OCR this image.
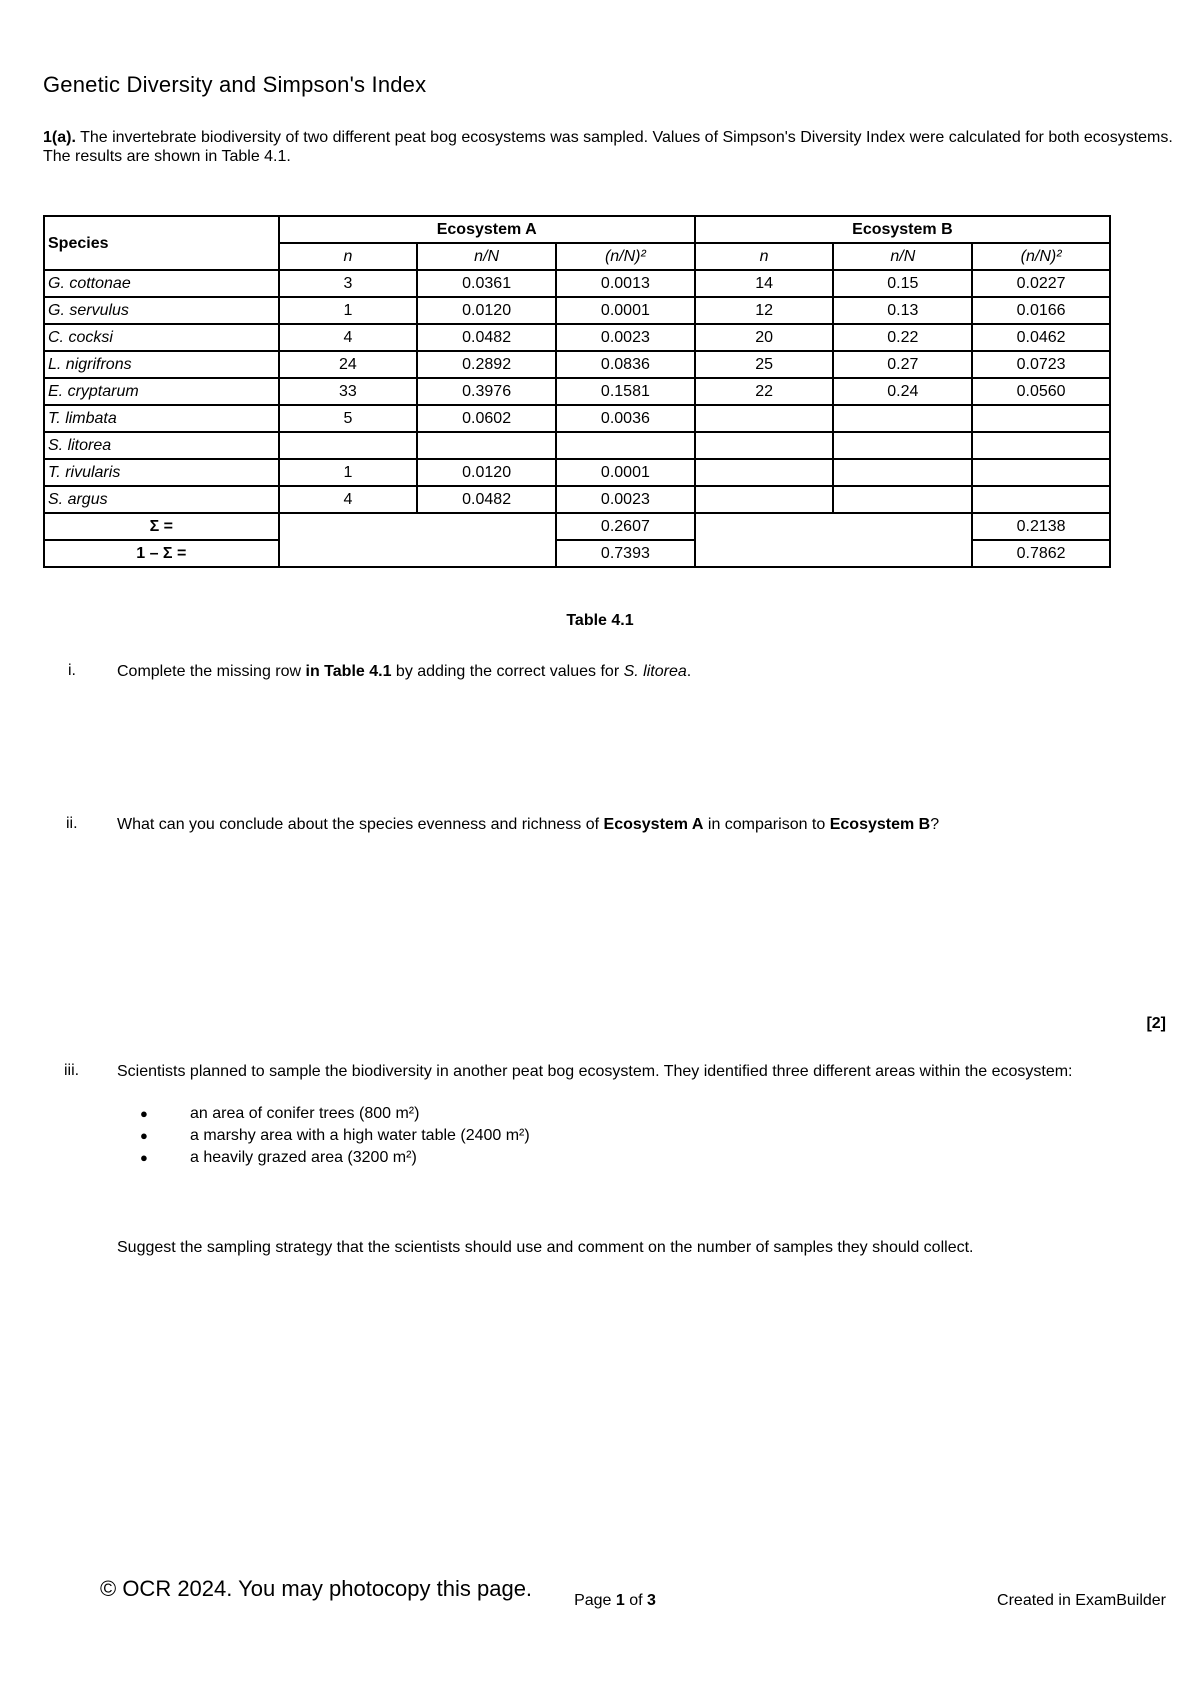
Genetic Diversity and Simpson's Index
1(a). The invertebrate biodiversity of two different peat bog ecosystems was sampled. Values of Simpson's Diversity Index were calculated for both ecosystems. The results are shown in Table 4.1.
Species	Ecosystem A			Ecosystem B		
	n	n/N	(n/N)²	n	n/N	(n/N)²
G. cottonae	3	0.0361	0.0013	14	0.15	0.0227
G. servulus	1	0.0120	0.0001	12	0.13	0.0166
C. cocksi	4	0.0482	0.0023	20	0.22	0.0462
L. nigrifrons	24	0.2892	0.0836	25	0.27	0.0723
E. cryptarum	33	0.3976	0.1581	22	0.24	0.0560
T. limbata	5	0.0602	0.0036			
S. litorea						
T. rivularis	1	0.0120	0.0001			
S. argus	4	0.0482	0.0023			
Σ =			0.2607			0.2138
1 – Σ =			0.7393			0.7862
Table 4.1
i.	Complete the missing row in Table 4.1 by adding the correct values for S. litorea.
ii. What can you conclude about the species evenness and richness of Ecosystem A in comparison to Ecosystem B?
[2]
iii. Scientists planned to sample the biodiversity in another peat bog ecosystem. They identified three different areas within the ecosystem:
●	an area of conifer trees (800 m²)
●	a marshy area with a high water table (2400 m²)
●	a heavily grazed area (3200 m²)
Suggest the sampling strategy that the scientists should use and comment on the number of samples they should collect.
© OCR 2024. You may photocopy this page.	Page 1 of 3	Created in ExamBuilder
